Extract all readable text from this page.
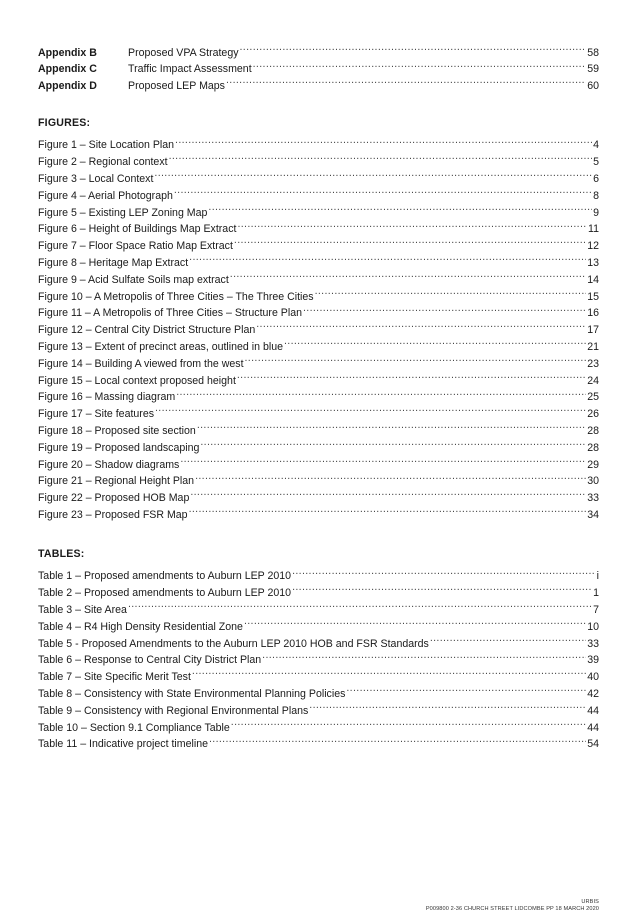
Appendix B	Proposed VPA Strategy .....	58
Appendix C	Traffic Impact Assessment .....	59
Appendix D	Proposed LEP Maps .....	60
FIGURES:
Figure 1 – Site Location Plan .....	4
Figure 2 – Regional context .....	5
Figure 3 – Local Context .....	6
Figure 4 – Aerial Photograph .....	8
Figure 5 – Existing LEP Zoning Map .....	9
Figure 6 – Height of Buildings Map Extract .....	11
Figure 7 – Floor Space Ratio Map Extract .....	12
Figure 8 – Heritage Map Extract .....	13
Figure 9 – Acid Sulfate Soils map extract .....	14
Figure 10 – A Metropolis of Three Cities – The Three Cities .....	15
Figure 11 – A Metropolis of Three Cities – Structure Plan .....	16
Figure 12 – Central City District Structure Plan .....	17
Figure 13 – Extent of precinct areas, outlined in blue .....	21
Figure 14 – Building A viewed from the west .....	23
Figure 15 – Local context proposed height .....	24
Figure 16 – Massing diagram .....	25
Figure 17 – Site features .....	26
Figure 18 – Proposed site section .....	28
Figure 19 – Proposed landscaping .....	28
Figure 20 – Shadow diagrams .....	29
Figure 21 – Regional Height Plan .....	30
Figure 22 – Proposed HOB Map .....	33
Figure 23 – Proposed FSR Map .....	34
TABLES:
Table 1 – Proposed amendments to Auburn LEP 2010 .....	i
Table 2 – Proposed amendments to Auburn LEP 2010 .....	1
Table 3 – Site Area .....	7
Table 4 – R4 High Density Residential Zone .....	10
Table 5 - Proposed Amendments to the Auburn LEP 2010 HOB and FSR Standards .....	33
Table 6 – Response to Central City District Plan .....	39
Table 7 – Site Specific Merit Test .....	40
Table 8 – Consistency with State Environmental Planning Policies .....	42
Table 9 – Consistency with Regional Environmental Plans .....	44
Table 10 – Section 9.1 Compliance Table .....	44
Table 11 – Indicative project timeline .....	54
URBIS
P009800 2-36 CHURCH STREET LIDCOMBE PP 18 MARCH 2020
